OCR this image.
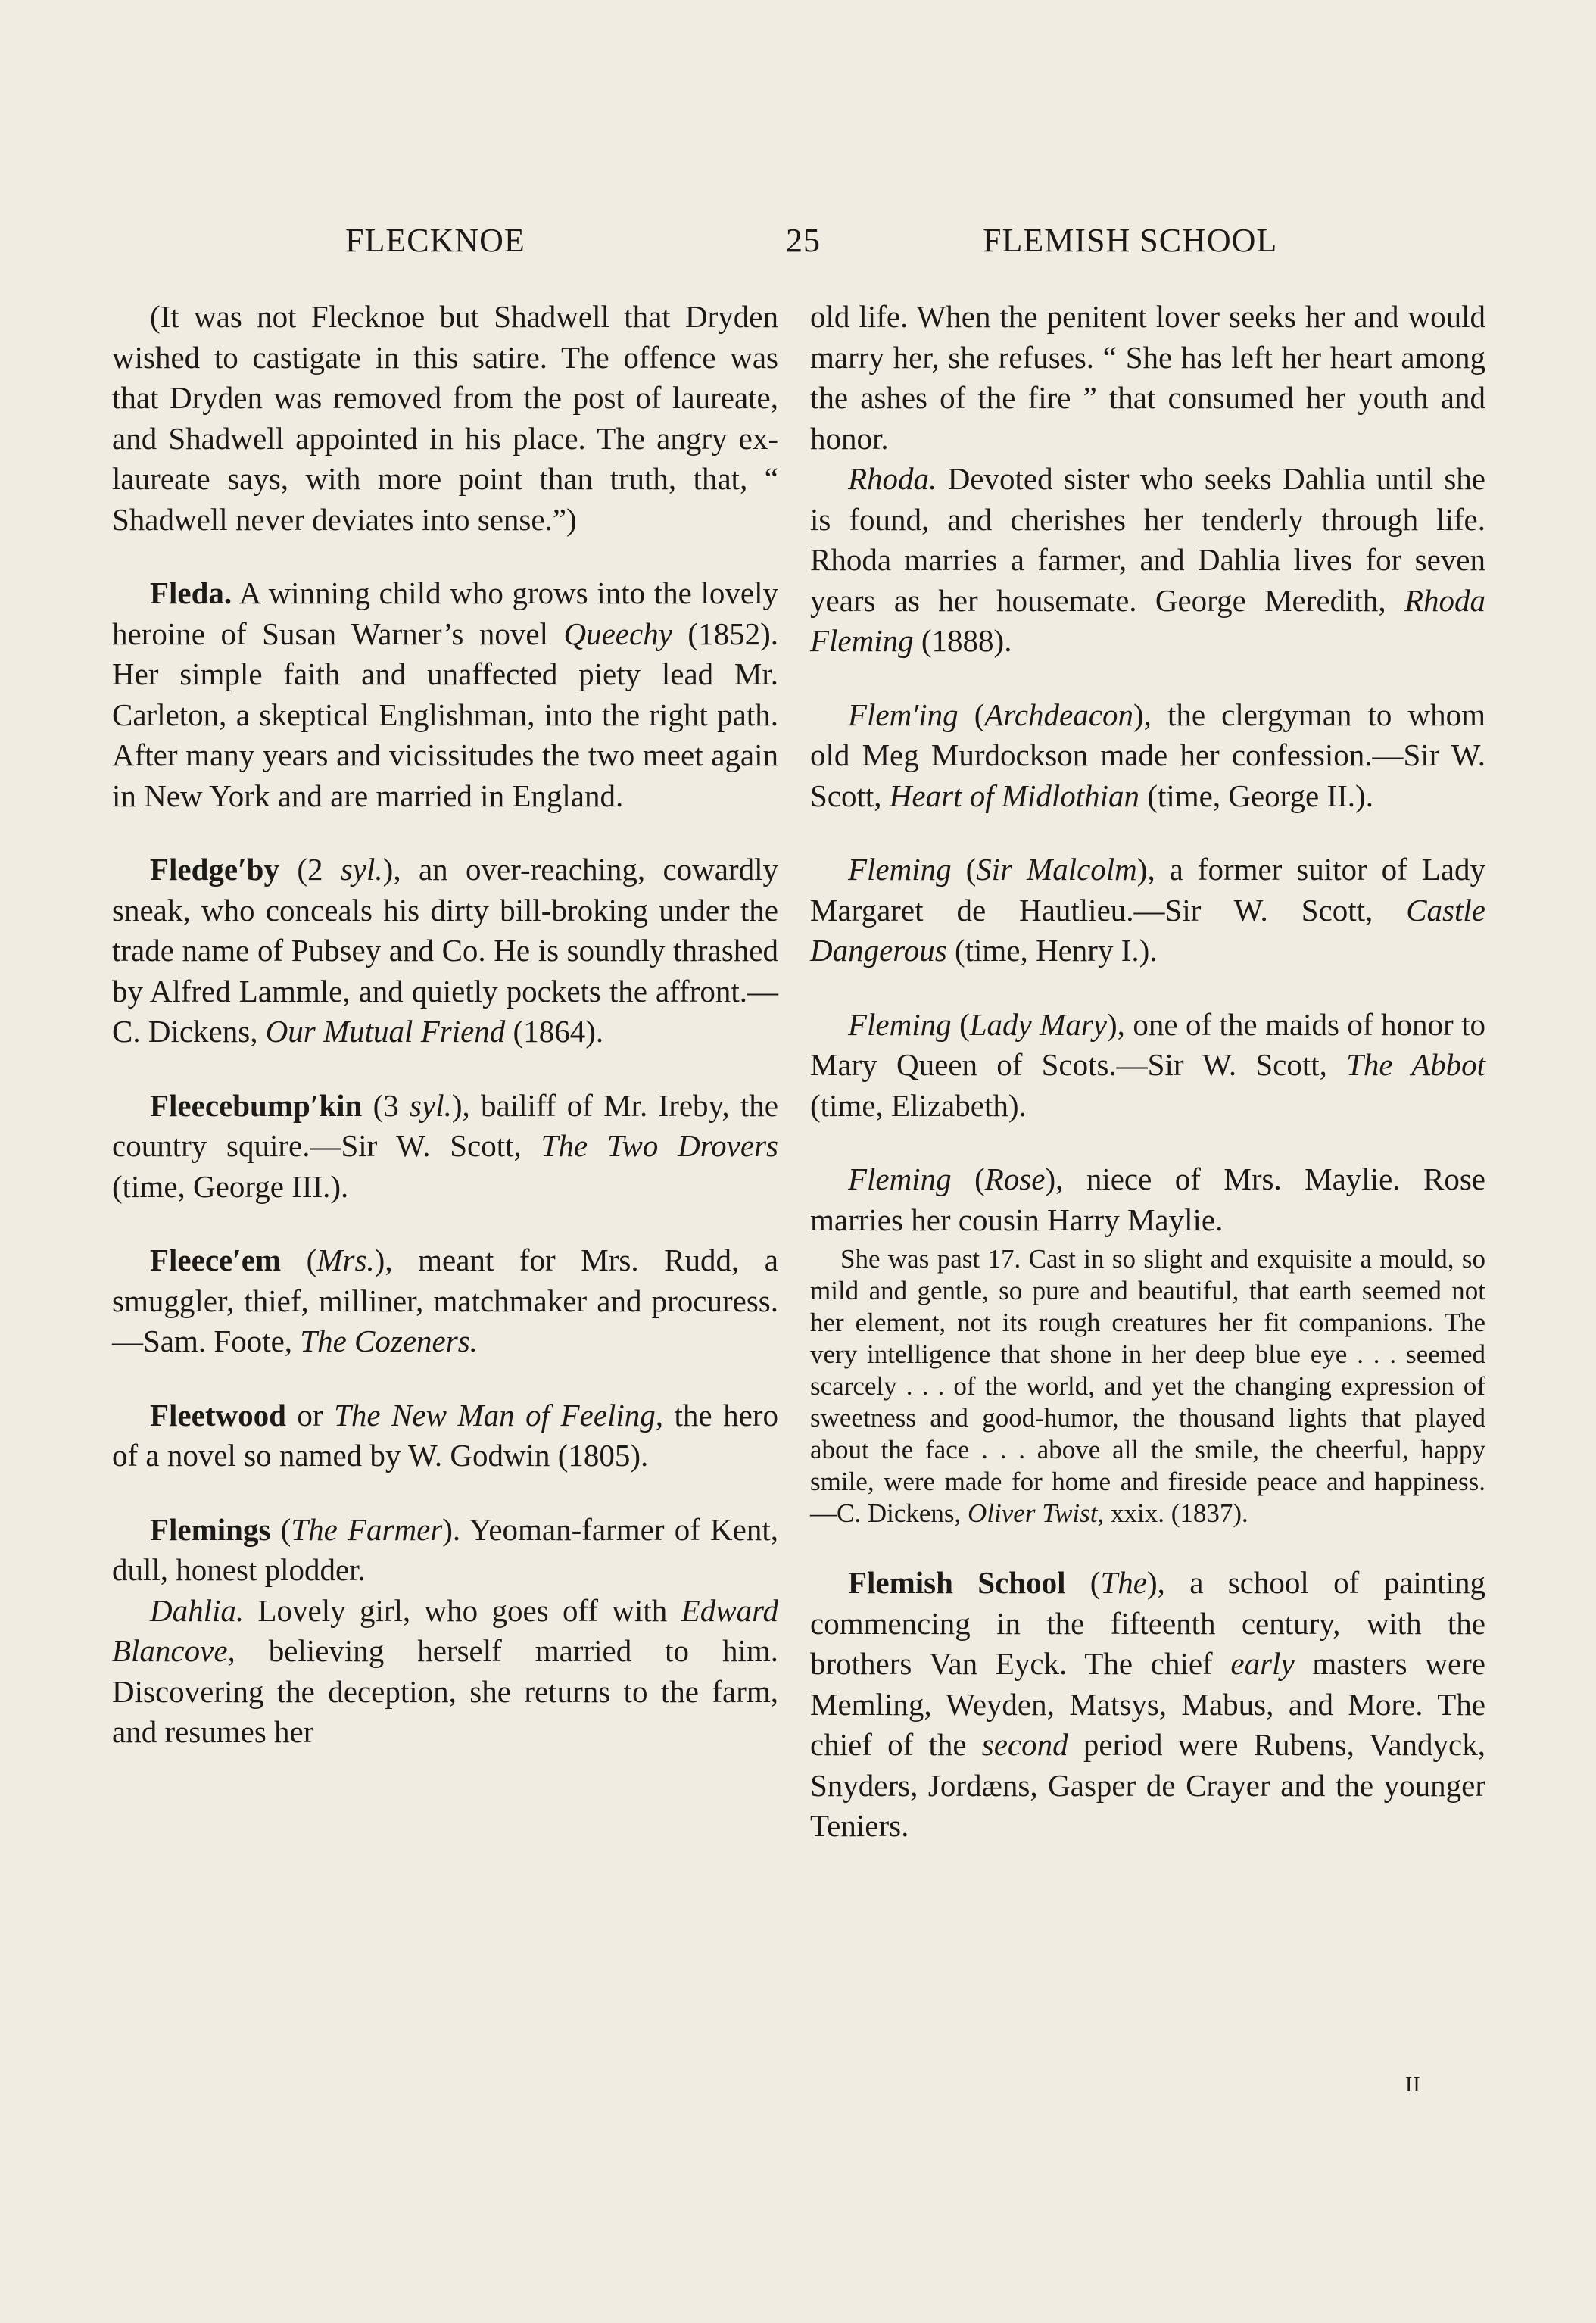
FLECKNOE	25	FLEMISH SCHOOL

(It was not Flecknoe but Shadwell that Dryden wished to castigate in this satire. The offence was that Dryden was removed from the post of laureate, and Shadwell appointed in his place. The angry ex-laureate says, with more point than truth, that, “ Shadwell never deviates into sense.”)

Fleda. A winning child who grows into the lovely heroine of Susan Warner’s novel Queechy (1852). Her simple faith and unaffected piety lead Mr. Carleton, a skeptical Englishman, into the right path. After many years and vicissitudes the two meet again in New York and are married in England.

Fledge′by (2 syl.), an over-reaching, cowardly sneak, who conceals his dirty bill-broking under the trade name of Pubsey and Co. He is soundly thrashed by Alfred Lammle, and quietly pockets the affront.—C. Dickens, Our Mutual Friend (1864).

Fleecebump′kin (3 syl.), bailiff of Mr. Ireby, the country squire.—Sir W. Scott, The Two Drovers (time, George III.).

Fleece′em (Mrs.), meant for Mrs. Rudd, a smuggler, thief, milliner, matchmaker and procuress.—Sam. Foote, The Cozeners.

Fleetwood or The New Man of Feeling, the hero of a novel so named by W. Godwin (1805).

Flemings (The Farmer). Yeoman-farmer of Kent, dull, honest plodder.

Dahlia. Lovely girl, who goes off with Edward Blancove, believing herself married to him. Discovering the deception, she returns to the farm, and resumes her

old life. When the penitent lover seeks her and would marry her, she refuses. “ She has left her heart among the ashes of the fire ” that consumed her youth and honor.

Rhoda. Devoted sister who seeks Dahlia until she is found, and cherishes her tenderly through life. Rhoda marries a farmer, and Dahlia lives for seven years as her housemate. George Meredith, Rhoda Fleming (1888).

Flem′ing (Archdeacon), the clergyman to whom old Meg Murdockson made her confession.—Sir W. Scott, Heart of Midlothian (time, George II.).

Fleming (Sir Malcolm), a former suitor of Lady Margaret de Hautlieu.—Sir W. Scott, Castle Dangerous (time, Henry I.).

Fleming (Lady Mary), one of the maids of honor to Mary Queen of Scots.—Sir W. Scott, The Abbot (time, Elizabeth).

Fleming (Rose), niece of Mrs. Maylie. Rose marries her cousin Harry Maylie.

She was past 17. Cast in so slight and exquisite a mould, so mild and gentle, so pure and beautiful, that earth seemed not her element, not its rough creatures her fit companions. The very intelligence that shone in her deep blue eye . . . seemed scarcely . . . of the world, and yet the changing expression of sweetness and good-humor, the thousand lights that played about the face . . . above all the smile, the cheerful, happy smile, were made for home and fireside peace and happiness.—C. Dickens, Oliver Twist, xxix. (1837).

Flemish School (The), a school of painting commencing in the fifteenth century, with the brothers Van Eyck. The chief early masters were Memling, Weyden, Matsys, Mabus, and More. The chief of the second period were Rubens, Vandyck, Snyders, Jordæns, Gasper de Crayer and the younger Teniers.

II
